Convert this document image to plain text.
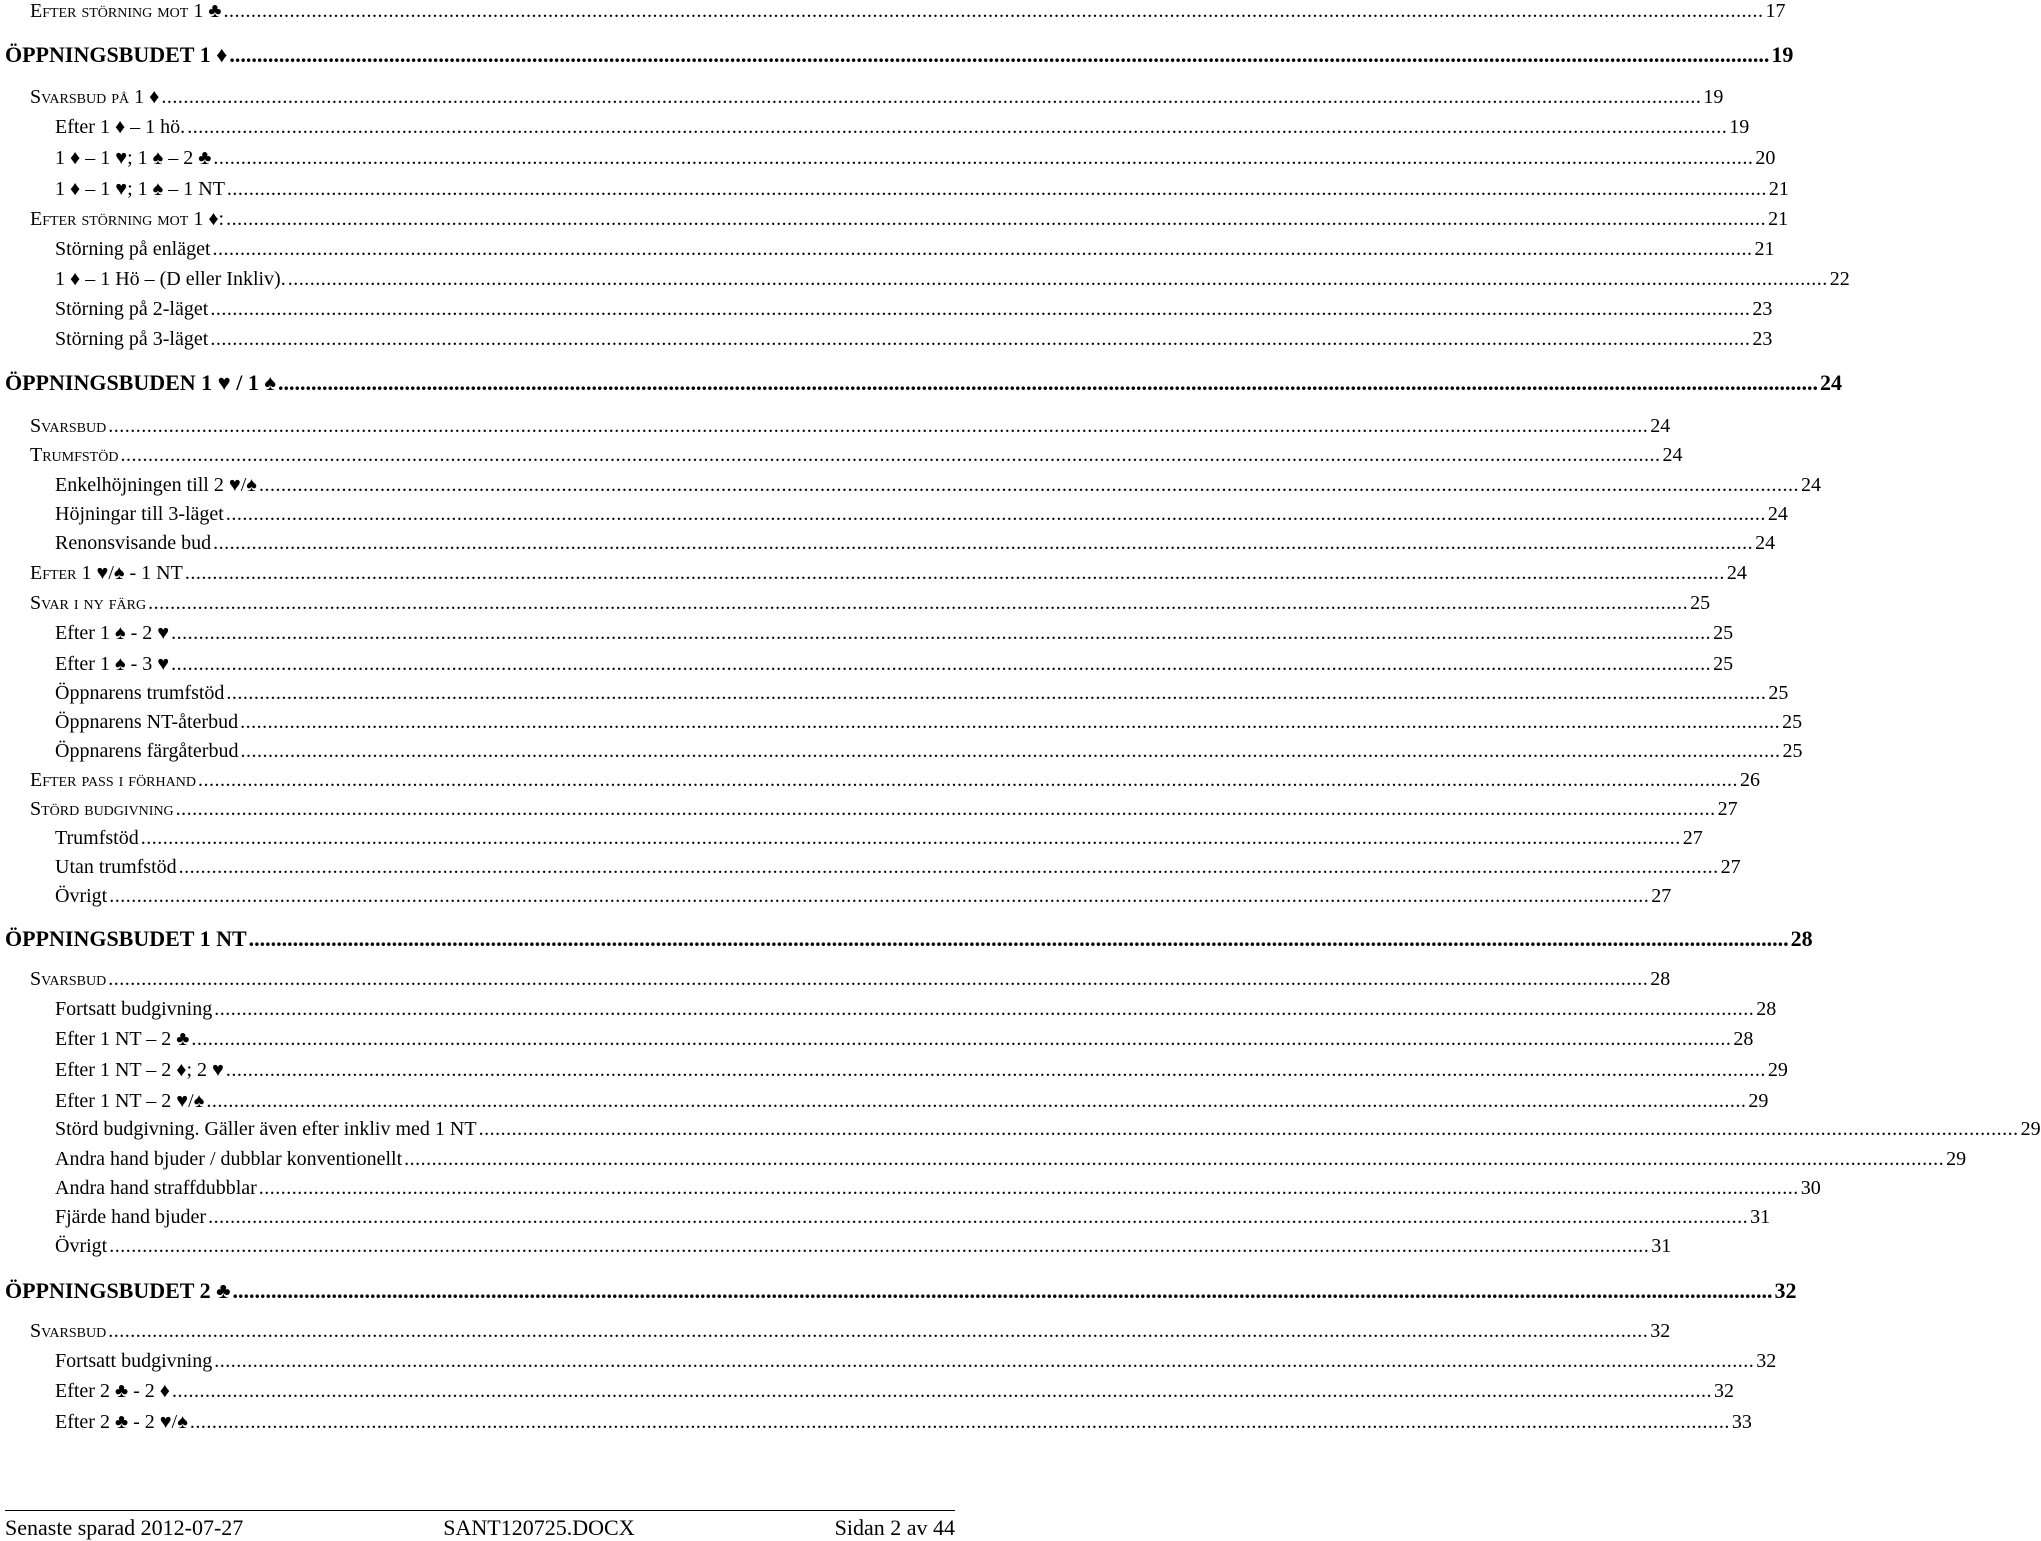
Efter störning mot 1 ♣ .....	17
ÖPPNINGSBUDET 1 ♦ .....	19
Svarsbud på 1 ♦ .....	19
Efter 1 ♦ – 1 hö. .....	19
1 ♦ – 1 ♥; 1 ♠ – 2 ♣ .....	20
1 ♦ – 1 ♥; 1 ♠ – 1 NT .....	21
Efter störning mot 1 ♦: .....	21
Störning på enläget .....	21
1 ♦ – 1 Hö – (D eller Inkliv). .....	22
Störning på 2-läget .....	23
Störning på 3-läget .....	23
ÖPPNINGSBUDEN 1 ♥ / 1 ♠ .....	24
Svarsbud .....	24
Trumfstöd .....	24
Enkelhöjningen till 2 ♥/♠ .....	24
Höjningar till 3-läget .....	24
Renonsvisande bud .....	24
Efter 1 ♥/♠ - 1 NT .....	24
Svar i ny färg .....	25
Efter 1 ♠ - 2 ♥ .....	25
Efter 1 ♠ - 3 ♥ .....	25
Öppnarens trumfstöd .....	25
Öppnarens NT-återbud .....	25
Öppnarens färgåterbud .....	25
Efter pass i förhand .....	26
Störd budgivning .....	27
Trumfstöd .....	27
Utan trumfstöd .....	27
Övrigt .....	27
ÖPPNINGSBUDET 1 NT .....	28
Svarsbud .....	28
Fortsatt budgivning .....	28
Efter 1 NT – 2 ♣ .....	28
Efter 1 NT – 2 ♦; 2 ♥ .....	29
Efter 1 NT – 2 ♥/♠ .....	29
Störd budgivning. Gäller även efter inkliv med 1 NT .....	29
Andra hand bjuder / dubblar konventionellt .....	29
Andra hand straffdubblar .....	30
Fjärde hand bjuder .....	31
Övrigt .....	31
ÖPPNINGSBUDET 2 ♣ .....	32
Svarsbud .....	32
Fortsatt budgivning .....	32
Efter 2 ♣ - 2 ♦ .....	32
Efter 2 ♣ - 2 ♥/♠ .....	33
Senaste sparad 2012-07-27	SANT120725.DOCX	Sidan 2 av 44
